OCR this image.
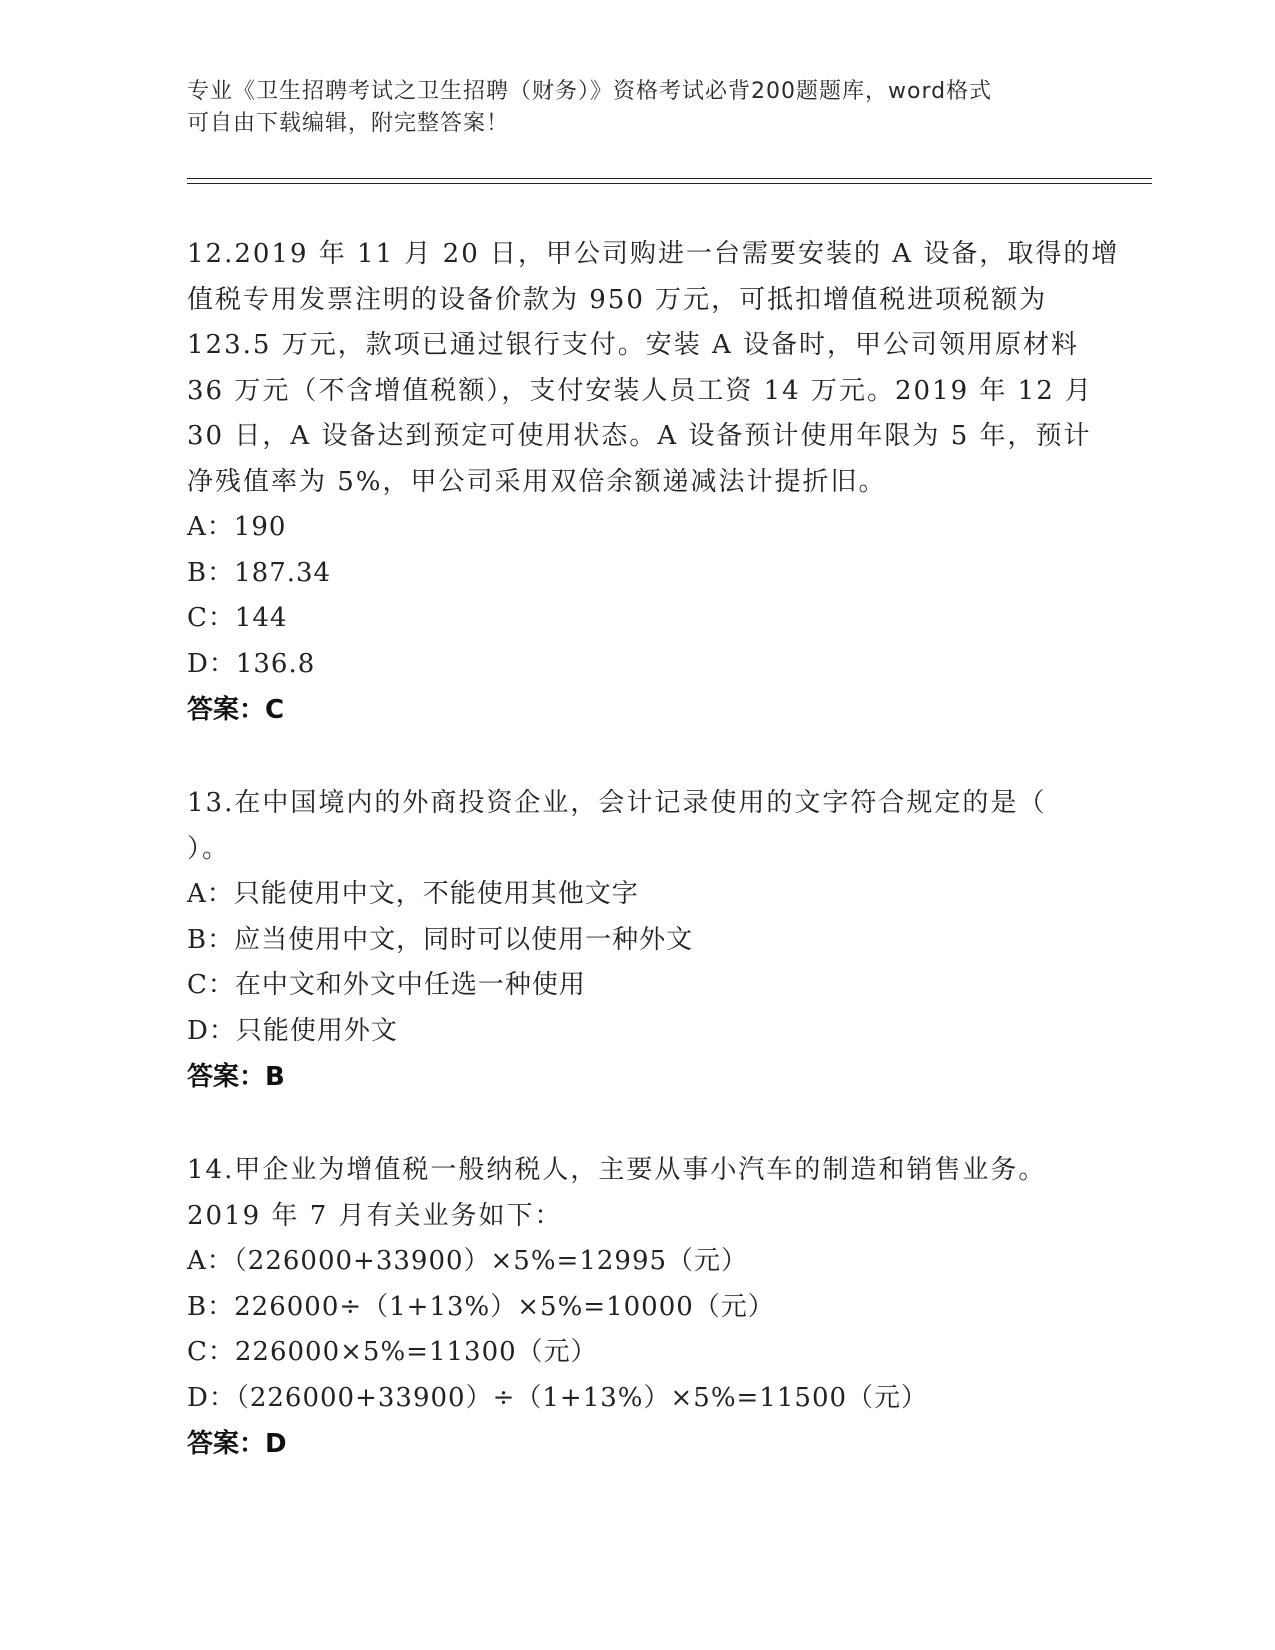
专业《卫生招聘考试之卫生招聘（财务）》资格考试必背200题题库，word格式
可自由下载编辑，附完整答案！
12.2019 年 11 月 20 日，甲公司购进一台需要安装的 A 设备，取得的增
值税专用发票注明的设备价款为 950 万元，可抵扣增值税进项税额为
123.5 万元，款项已通过银行支付。安装 A 设备时，甲公司领用原材料
36 万元（不含增值税额），支付安装人员工资 14 万元。2019 年 12 月
30 日，A 设备达到预定可使用状态。A 设备预计使用年限为 5 年，预计
净残值率为 5%，甲公司采用双倍余额递减法计提折旧。
A：190
B：187.34
C：144
D：136.8
答案：C
13.在中国境内的外商投资企业，会计记录使用的文字符合规定的是（
）。
A：只能使用中文，不能使用其他文字
B：应当使用中文，同时可以使用一种外文
C：在中文和外文中任选一种使用
D：只能使用外文
答案：B
14.甲企业为增值税一般纳税人，主要从事小汽车的制造和销售业务。
2019 年 7 月有关业务如下：
A：（226000+33900）×5%=12995（元）
B：226000÷（1+13%）×5%=10000（元）
C：226000×5%=11300（元）
D：（226000+33900）÷（1+13%）×5%=11500（元）
答案：D
